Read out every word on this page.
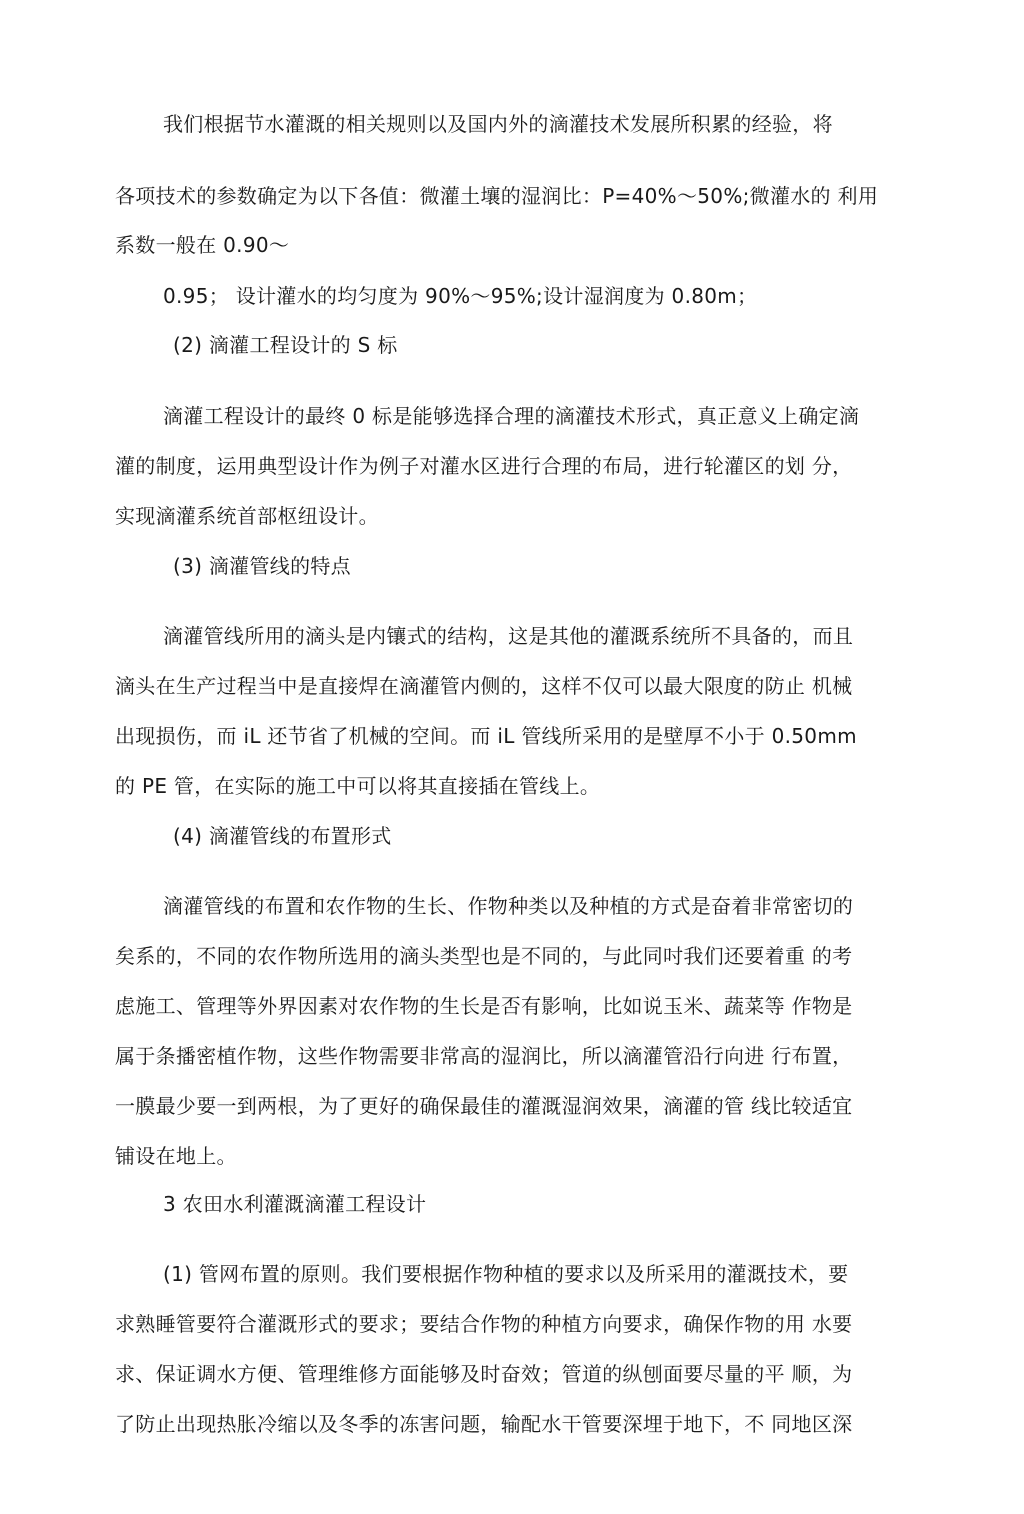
我们根据节水灌溉的相关规则以及国内外的滴灌技术发展所积累的经验，将
各项技术的参数确定为以下各值：微灌土壤的湿润比：P=40%～50%;微灌水的 利用
系数一般在 0.90～
0.95； 设计灌水的均匀度为 90%～95%;设计湿润度为 0.80m；
(2) 滴灌工程设计的 S 标
滴灌工程设计的最终 0 标是能够选择合理的滴灌技术形式，真正意义上确定滴
灌的制度，运用典型设计作为例子对灌水区进行合理的布局，进行轮灌区的划 分，
实现滴灌系统首部枢纽设计。
(3) 滴灌管线的特点
滴灌管线所用的滴头是内镶式的结构，这是其他的灌溉系统所不具备的，而且
滴头在生产过程当中是直接焊在滴灌管内侧的，这样不仅可以最大限度的防止 机械
出现损伤，而 iL 还节省了机械的空间。而 iL 管线所采用的是壁厚不小于 0.50mm
的 PE 管，在实际的施工中可以将其直接插在管线上。
(4) 滴灌管线的布置形式
滴灌管线的布置和农作物的生长、作物种类以及种植的方式是奋着非常密切的
矣系的，不同的农作物所选用的滴头类型也是不同的，与此同吋我们还要着重 的考
虑施工、管理等外界因素对农作物的生长是否有影响，比如说玉米、蔬菜等 作物是
属于条播密植作物，这些作物需要非常高的湿润比，所以滴灌管沿行向进 行布置，
一膜最少要一到两根，为了更好的确保最佳的灌溉湿润效果，滴灌的管 线比较适宜
铺设在地上。
3 农田水利灌溉滴灌工程设计
(1) 管网布置的原则。我们要根据作物种植的要求以及所采用的灌溉技术，要
求熟睡管要符合灌溉形式的要求；要结合作物的种植方向要求，确保作物的用 水要
求、保证调水方便、管理维修方面能够及时奋效；管道的纵刨面要尽量的平 顺，为
了防止出现热胀冷缩以及冬季的冻害问题，输配水干管要深埋于地下，不 同地区深
